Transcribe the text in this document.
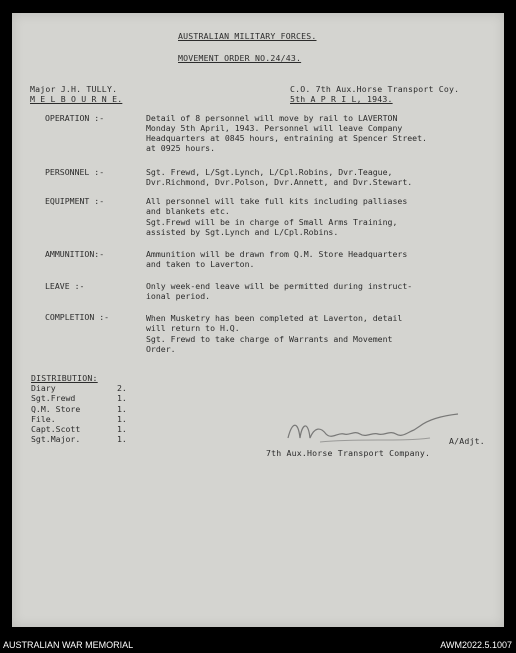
AUSTRALIAN MILITARY FORCES.
MOVEMENT ORDER NO.24/43.
Major J.H. TULLY.
M E L B O U R N E.
C.O. 7th Aux.Horse Transport Coy.
5th A P R I L, 1943.
OPERATION :-	Detail of 8 personnel will move by rail to LAVERTON
Monday 5th April, 1943. Personnel will leave Company
Headquarters at 0845 hours, entraining at Spencer Street.
at 0925 hours.
PERSONNEL :-	Sgt. Frewd, L/Sgt.Lynch, L/Cpl.Robins, Dvr.Teague,
Dvr.Richmond, Dvr.Polson, Dvr.Annett, and Dvr.Stewart.
EQUIPMENT :-	All personnel will take full kits including palliases
and blankets etc.
Sgt.Frewd will be in charge of Small Arms Training,
assisted by Sgt.Lynch and L/Cpl.Robins.
AMMUNITION:-	Ammunition will be drawn from Q.M. Store Headquarters
and taken to Laverton.
LEAVE :-	Only week-end leave will be permitted during instruct-
ional period.
COMPLETION :-	When Musketry has been completed at Laverton, detail
will return to H.Q.
Sgt. Frewd to take charge of Warrants and Movement
Order.
DISTRIBUTION:
Diary	2.
Sgt.Frewd	1.
Q.M. Store	1.
File.	1.
Capt.Scott	1.
Sgt.Major.	1.	A/Adjt.
7th Aux.Horse Transport Company.
AUSTRALIAN WAR MEMORIAL	AWM2022.5.1007
